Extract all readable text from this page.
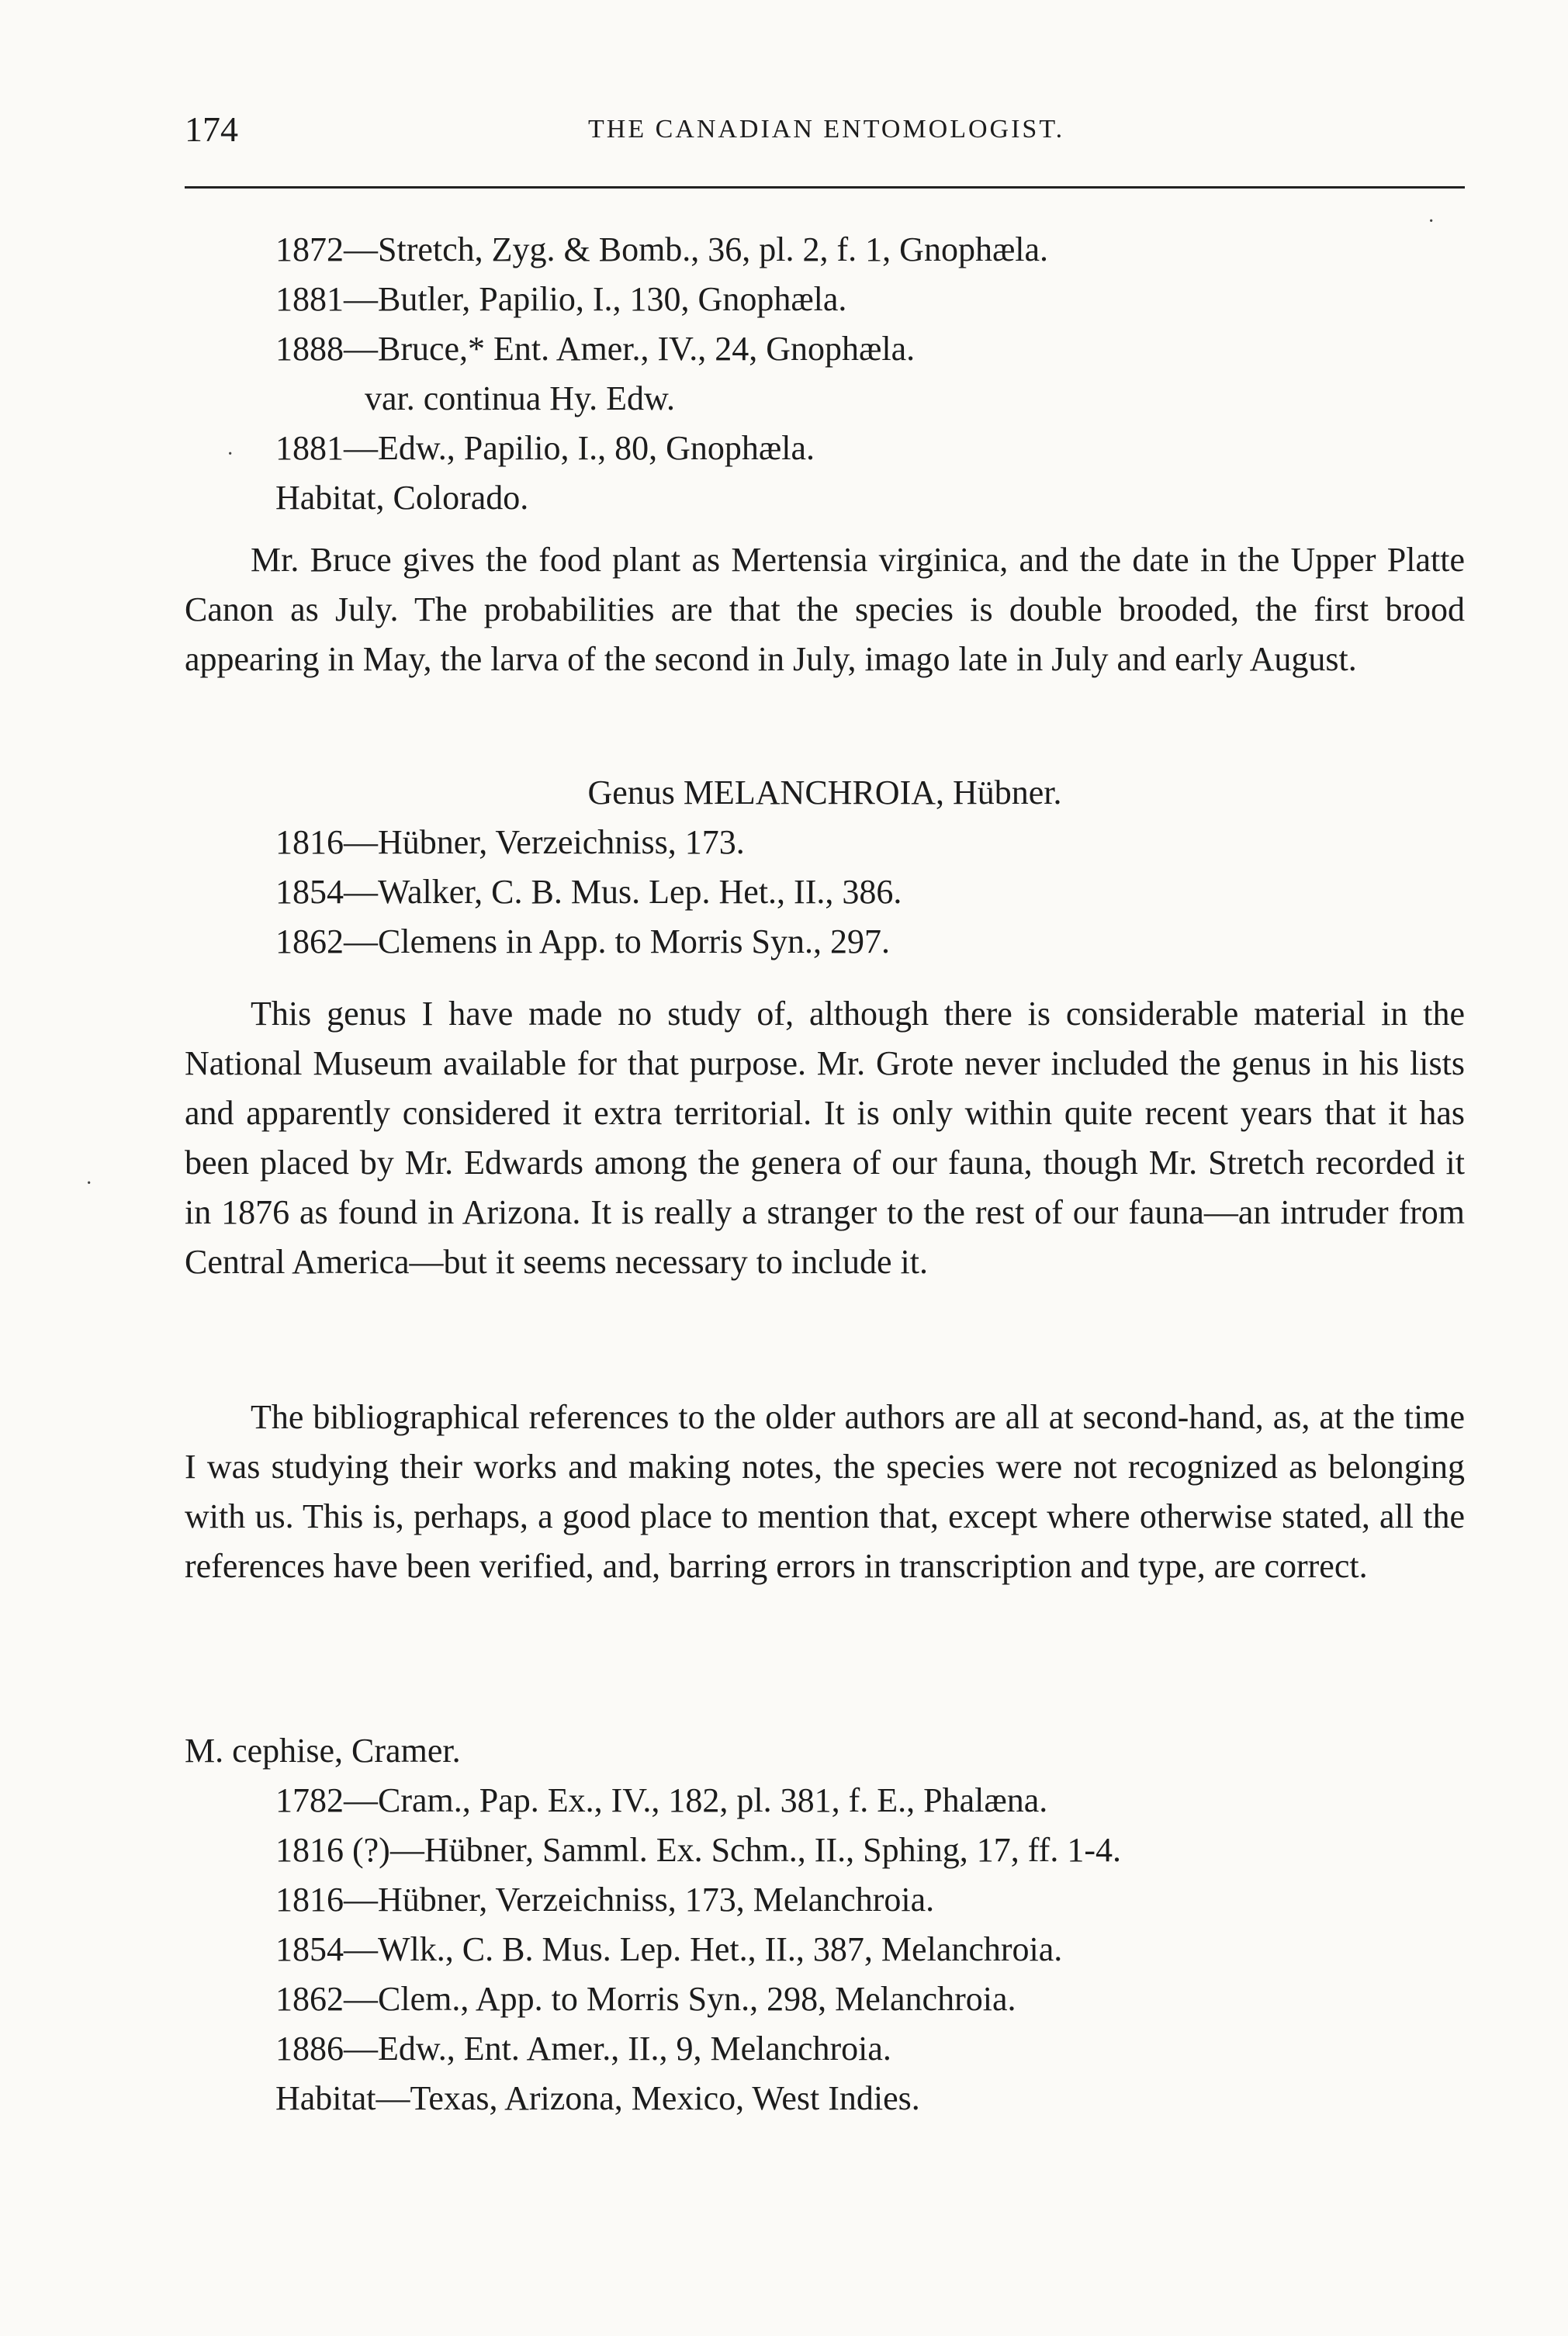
174	THE CANADIAN ENTOMOLOGIST.
1872—Stretch, Zyg. & Bomb., 36, pl. 2, f. 1, Gnophæla.
1881—Butler, Papilio, I., 130, Gnophæla.
1888—Bruce,* Ent. Amer., IV., 24, Gnophæla.
var. continua Hy. Edw.
1881—Edw., Papilio, I., 80, Gnophæla.
Habitat, Colorado.

Mr. Bruce gives the food plant as Mertensia virginica, and the date in the Upper Platte Canon as July. The probabilities are that the species is double brooded, the first brood appearing in May, the larva of the second in July, imago late in July and early August.

Genus MELANCHROIA, Hübner.
1816—Hübner, Verzeichniss, 173.
1854—Walker, C. B. Mus. Lep. Het., II., 386.
1862—Clemens in App. to Morris Syn., 297.

This genus I have made no study of, although there is considerable material in the National Museum available for that purpose. Mr. Grote never included the genus in his lists and apparently considered it extra territorial. It is only within quite recent years that it has been placed by Mr. Edwards among the genera of our fauna, though Mr. Stretch recorded it in 1876 as found in Arizona. It is really a stranger to the rest of our fauna—an intruder from Central America—but it seems necessary to include it.

The bibliographical references to the older authors are all at second-hand, as, at the time I was studying their works and making notes, the species were not recognized as belonging with us. This is, perhaps, a good place to mention that, except where otherwise stated, all the references have been verified, and, barring errors in transcription and type, are correct.

M. cephise, Cramer.
1782—Cram., Pap. Ex., IV., 182, pl. 381, f. E., Phalæna.
1816 (?)—Hübner, Samml. Ex. Schm., II., Sphing, 17, ff. 1-4.
1816—Hübner, Verzeichniss, 173, Melanchroia.
1854—Wlk., C. B. Mus. Lep. Het., II., 387, Melanchroia.
1862—Clem., App. to Morris Syn., 298, Melanchroia.
1886—Edw., Ent. Amer., II., 9, Melanchroia.
Habitat—Texas, Arizona, Mexico, West Indies.
·
·
·
